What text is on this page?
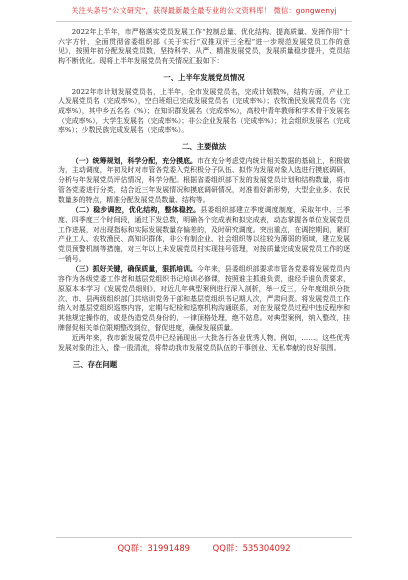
关注头条号“公文研究”，获得最新最全最专业的公文资料库！ 微信：gongwenyj

2022年上半年，市严格落实党员发展工作“控制总量、优化结构、提高质量、发挥作用”十六字方针，全面贯彻省委组织部《关于实行“双推双评三全程”进一步规范发展党员工作的意见》，按照年初分配发展党员数，坚持科学、从严、精准发展党员，发展质量稳步提升，党员结构不断优化。现将上半年发展党员有关情况汇报如下：

一、上半年发展党员情况

2022年市计划发展党员名，上半年，全市发展党员名，完成计划数%，结构方面，产业工人发展党员名（完成率%），空白班组已完成发展党员名（完成率%）；农牧渔民发展党员名（完成率%），其中乡五名名（%）；在知识群发展名（完成率%），高校中青年教师和学术骨干发展名（完成率%），大学生发展名（完成率%）；非公企业发展名（完成率%）；社会组织发展名（完成率%）；少数民族完成发展名（完成率%）。

二、主要做法

（一）统筹规划，科学分配，充分摸底。市在充分考虑党内统计相关数据的基础上，积极做为，主动调度，年初及时对市管各党委入党积极分子队伍、拟作为发展对象人选进行摸底调研，分析与年发展党员评估情况，科学分配。根据省委组织部下发的发展党员计划和结构数量，将市管各党委进行分类，结合近三年发展情况和摸底调研情况，对准看好新形势，大型企业多、农民数量多的特点，精准分配发展党员数量、结构等。

（二）稳步调控，优化结构，整体稳控。县委组织部建立季度调度制度，采取年中、三季度、四季度三个时间段，通过下发总数，明确各个完成表和拟完成表，动态掌握各单位发展党员工作进展，对出现指标和实际发展数量存偏差的，及时研究调度。突出重点，在调控期间，紧盯产业工人、农牧渔民、高知识群体，非公有制企业、社会组织等以往较为薄弱的领域，建立发展党员预警机制等措施，对三年以上未发展党员村实现挂号管理，对按质量完成发展党员工作的逐一销号。

（三）抓好关键，确保质量，狠抓培训。今年来，县委组织部要求市管各党委将发展党员内容作为各级党委工作者和基层党组织书记培训必修课，按照谁主抓谁负责，谁经手谁负责要求，原原本本学习《发展党员细则》，对近几年典型案例进行深入剖析，举一反三，分年度组织分批次、市、县两级组织部门共培训党务干部和基层党组织书记期人次，严肃问责。将发展党员工作纳入对基层党组织巡察内容，定期与纪检和巡察机构沟通联系，对在发展党员过程中违反程序和其他规定操作的，或是伪造党员身份的，一律顶格处理，绝不姑息。对典型案例，纳入整改，挂牌督促相关单位限期整改到位，督促进度，确保发展质量。

近两年来，我市新发展党员中已经涌现出一大批各行各业优秀人物。例如，……。这些优秀发展对象的注入，像一股清流，将带动我市发展党员队伍的干事创业、无私奉献的良好氛围。

三、存在问题
QQ群：31991489	QQ群：535304092
